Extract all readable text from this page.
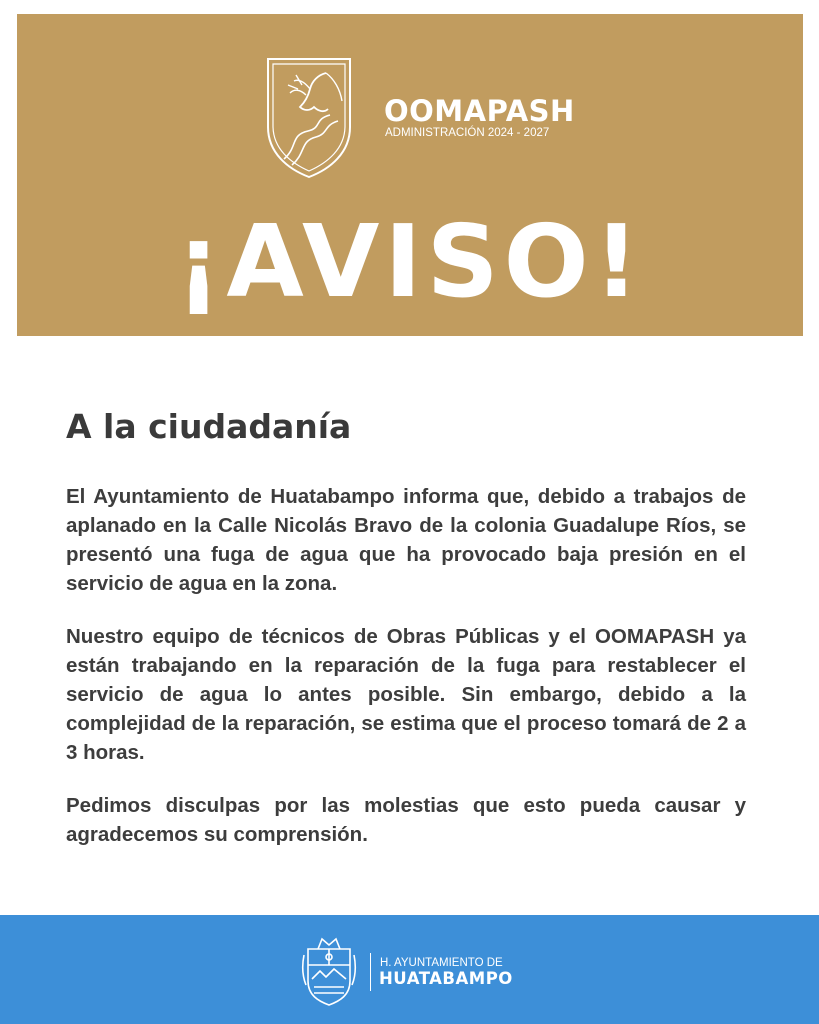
OOMAPASH
ADMINISTRACIÓN 2024 - 2027
¡AVISO!
A la ciudadanía

El Ayuntamiento de Huatabampo informa que, debido a trabajos de aplanado en la Calle Nicolás Bravo de la colonia Guadalupe Ríos, se presentó una fuga de agua que ha provocado baja presión en el servicio de agua en la zona.

Nuestro equipo de técnicos de Obras Públicas y el OOMAPASH ya están trabajando en la reparación de la fuga para restablecer el servicio de agua lo antes posible. Sin embargo, debido a la complejidad de la reparación, se estima que el proceso tomará de 2 a 3 horas.

Pedimos disculpas por las molestias que esto pueda causar y agradecemos su comprensión.

H. AYUNTAMIENTO DE
HUATABAMPO
